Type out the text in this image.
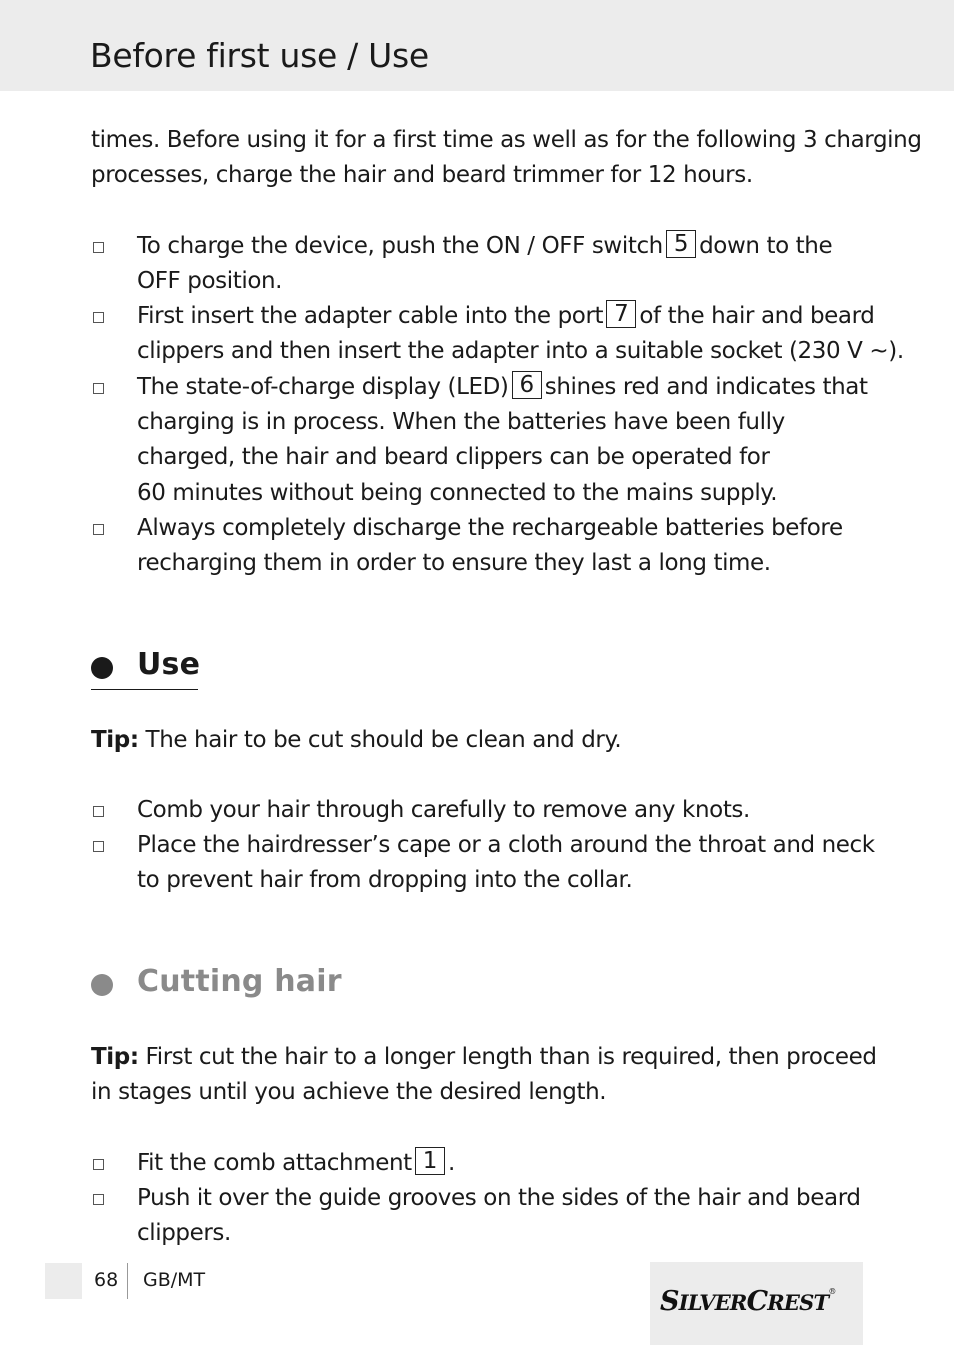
Before first use / Use

times. Before using it for a first time as well as for the following 3 charging

processes, charge the hair and beard trimmer for 12 hours.

To charge the device, push the ON / OFF switch 5 down to the
OFF position.
First insert the adapter cable into the port 7 of the hair and beard
clippers and then insert the adapter into a suitable socket (230 V ~).
The state-of-charge display (LED) 6 shines red and indicates that
charging is in process. When the batteries have been fully
charged, the hair and beard clippers can be operated for
60 minutes without being connected to the mains supply.
Always completely discharge the rechargeable batteries before
recharging them in order to ensure they last a long time.
Use

Tip: The hair to be cut should be clean and dry.

Comb your hair through carefully to remove any knots.
Place the hairdresser’s cape or a cloth around the throat and neck
to prevent hair from dropping into the collar.
Cutting hair

Tip: First cut the hair to a longer length than is required, then proceed

in stages until you achieve the desired length.

Fit the comb attachment 1 .
Push it over the guide grooves on the sides of the hair and beard
clippers.
68 GB/MT
SILVERCREST®
